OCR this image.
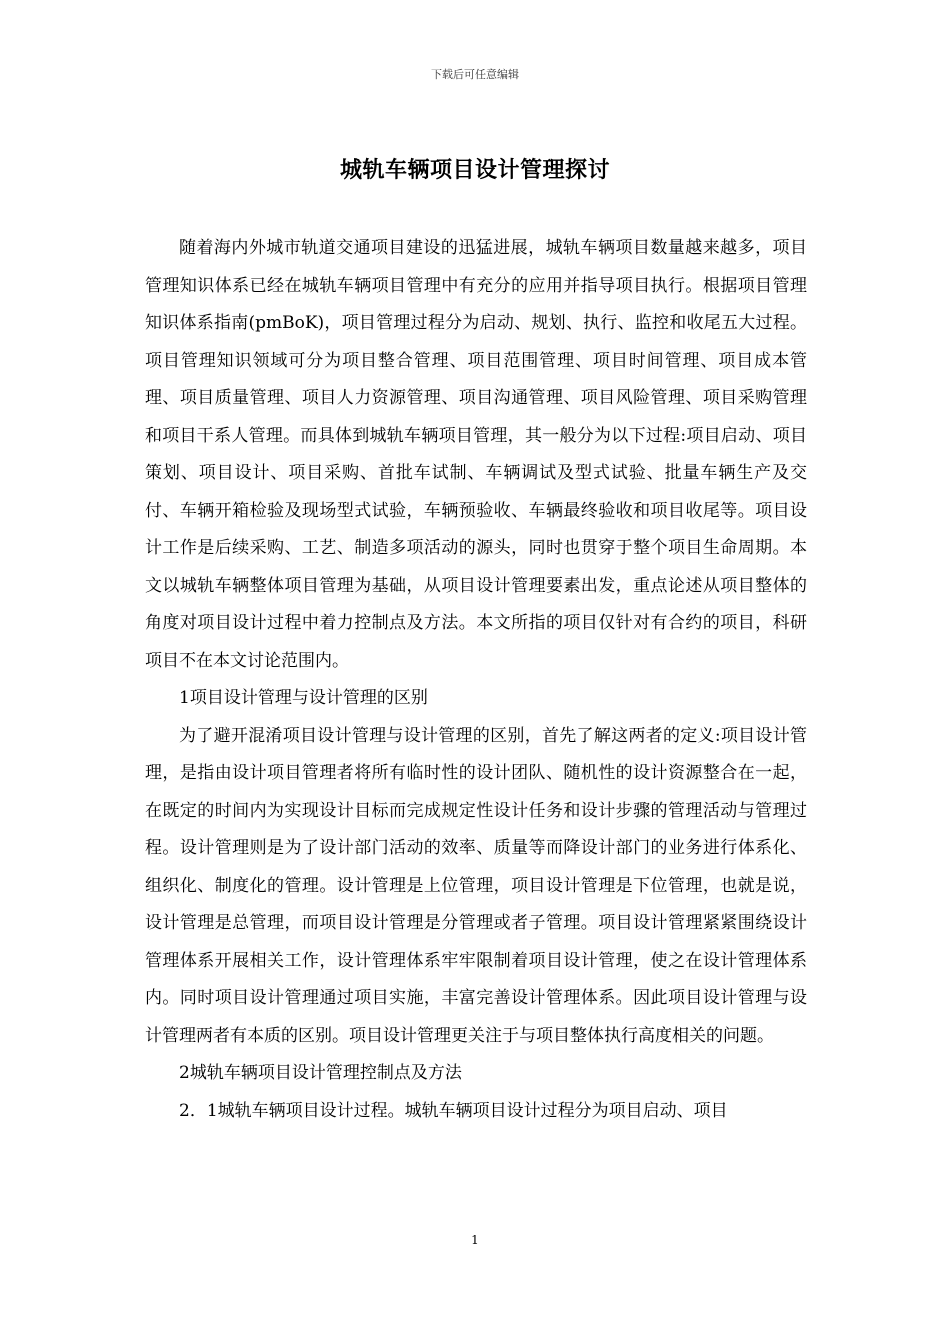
下载后可任意编辑
城轨车辆项目设计管理探讨

随着海内外城市轨道交通项目建设的迅猛进展，城轨车辆项目数量越来越多，项目管理知识体系已经在城轨车辆项目管理中有充分的应用并指导项目执行。根据项目管理知识体系指南(pmBoK)，项目管理过程分为启动、规划、执行、监控和收尾五大过程。项目管理知识领域可分为项目整合管理、项目范围管理、项目时间管理、项目成本管理、项目质量管理、项目人力资源管理、项目沟通管理、项目风险管理、项目采购管理和项目干系人管理。而具体到城轨车辆项目管理，其一般分为以下过程:项目启动、项目策划、项目设计、项目采购、首批车试制、车辆调试及型式试验、批量车辆生产及交付、车辆开箱检验及现场型式试验，车辆预验收、车辆最终验收和项目收尾等。项目设计工作是后续采购、工艺、制造多项活动的源头，同时也贯穿于整个项目生命周期。本文以城轨车辆整体项目管理为基础，从项目设计管理要素出发，重点论述从项目整体的角度对项目设计过程中着力控制点及方法。本文所指的项目仅针对有合约的项目，科研项目不在本文讨论范围内。

1项目设计管理与设计管理的区别

为了避开混淆项目设计管理与设计管理的区别，首先了解这两者的定义:项目设计管理，是指由设计项目管理者将所有临时性的设计团队、随机性的设计资源整合在一起，在既定的时间内为实现设计目标而完成规定性设计任务和设计步骤的管理活动与管理过程。设计管理则是为了设计部门活动的效率、质量等而降设计部门的业务进行体系化、组织化、制度化的管理。设计管理是上位管理，项目设计管理是下位管理，也就是说，设计管理是总管理，而项目设计管理是分管理或者子管理。项目设计管理紧紧围绕设计管理体系开展相关工作，设计管理体系牢牢限制着项目设计管理，使之在设计管理体系内。同时项目设计管理通过项目实施，丰富完善设计管理体系。因此项目设计管理与设计管理两者有本质的区别。项目设计管理更关注于与项目整体执行高度相关的问题。

2城轨车辆项目设计管理控制点及方法

2．1城轨车辆项目设计过程。城轨车辆项目设计过程分为项目启动、项目

1
